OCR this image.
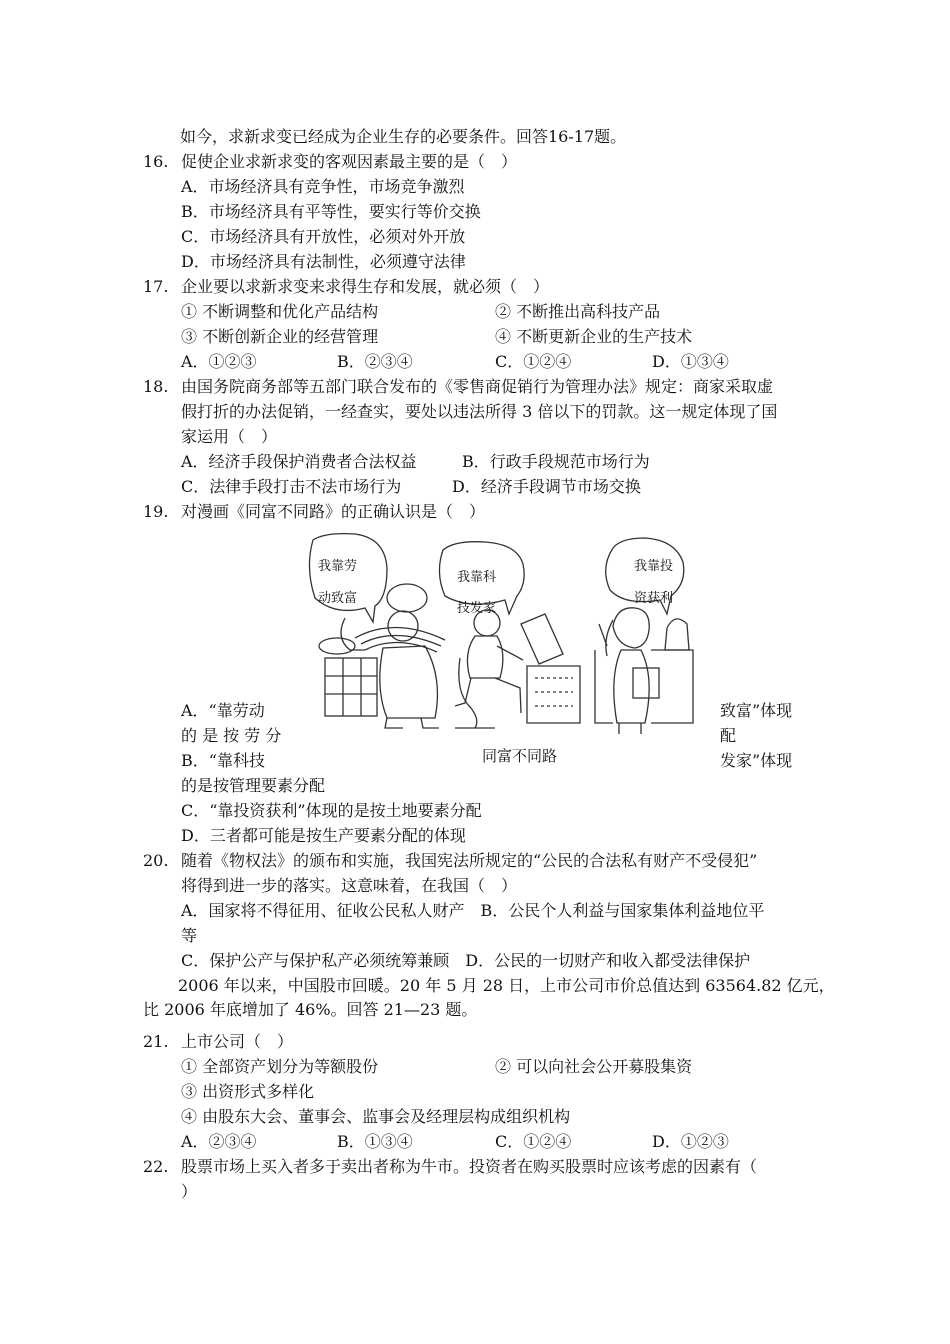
如今，求新求变已经成为企业生存的必要条件。回答16-17题。
16. 促使企业求新求变的客观因素最主要的是（　）
A．市场经济具有竞争性，市场竞争激烈
B．市场经济具有平等性，要实行等价交换
C．市场经济具有开放性，必须对外开放
D．市场经济具有法制性，必须遵守法律
17. 企业要以求新求变来求得生存和发展，就必须（　）
① 不断调整和优化产品结构	② 不断推出高科技产品
③ 不断创新企业的经营管理	④ 不断更新企业的生产技术
A．①②③	B．②③④	C．①②④	D．①③④
18. 由国务院商务部等五部门联合发布的《零售商促销行为管理办法》规定：商家采取虚
假打折的办法促销，一经查实，要处以违法所得 3 倍以下的罚款。这一规定体现了国
家运用（　）
A．经济手段保护消费者合法权益	B．行政手段规范市场行为
C．法律手段打击不法市场行为	D．经济手段调节市场交换
19. 对漫画《同富不同路》的正确认识是（　）
我靠劳
动致富
我靠科
技发家
我靠投
资获利
同富不同路
A．“靠劳动
的 是 按 劳 分
致富”体现
配
B．“靠科技	发家”体现
的是按管理要素分配
C．“靠投资获利”体现的是按土地要素分配
D．三者都可能是按生产要素分配的体现
20. 随着《物权法》的颁布和实施，我国宪法所规定的“公民的合法私有财产不受侵犯”
将得到进一步的落实。这意味着，在我国（　）
A．国家将不得征用、征收公民私人财产　B．公民个人利益与国家集体利益地位平
等
C．保护公产与保护私产必须统筹兼顾　D．公民的一切财产和收入都受法律保护
2006 年以来，中国股市回暖。20 年 5 月 28 日，上市公司市价总值达到 63564.82 亿元，
比 2006 年底增加了 46%。回答 21—23 题。
21. 上市公司（　）
① 全部资产划分为等额股份	② 可以向社会公开募股集资
③ 出资形式多样化
④ 由股东大会、董事会、监事会及经理层构成组织机构
A．②③④	B．①③④	C．①②④	D．①②③
22. 股票市场上买入者多于卖出者称为牛市。投资者在购买股票时应该考虑的因素有（
）
